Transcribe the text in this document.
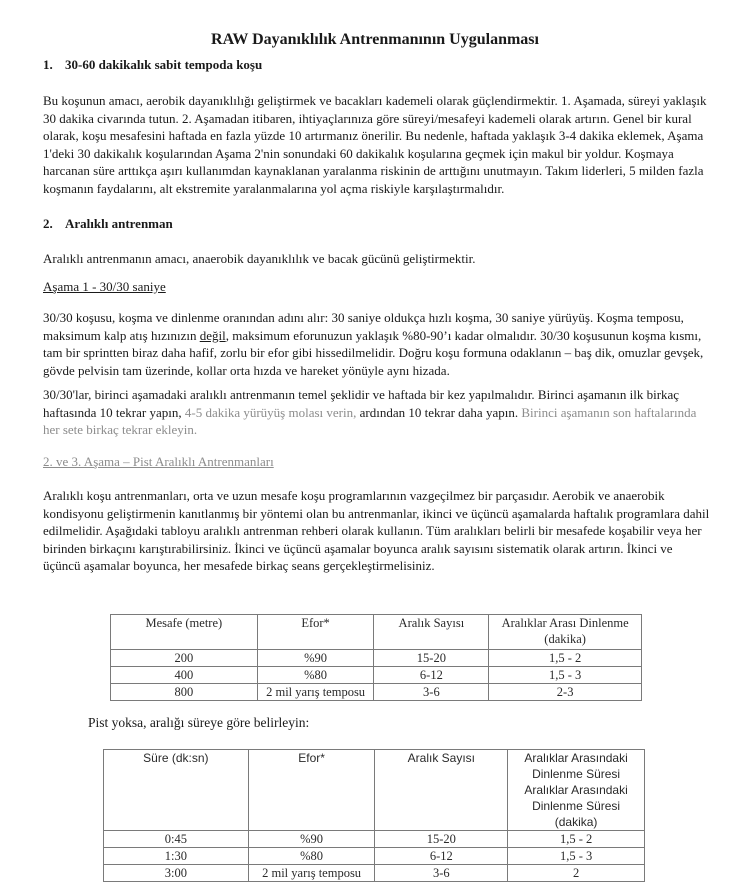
RAW Dayanıklılık Antrenmanının Uygulanması
1. 30-60 dakikalık sabit tempoda koşu

Bu koşunun amacı, aerobik dayanıklılığı geliştirmek ve bacakları kademeli olarak güçlendirmektir. 1. Aşamada, süreyi yaklaşık 30 dakika civarında tutun. 2. Aşamadan itibaren, ihtiyaçlarınıza göre süreyi/mesafeyi kademeli olarak artırın. Genel bir kural olarak, koşu mesafesini haftada en fazla yüzde 10 artırmanız önerilir. Bu nedenle, haftada yaklaşık 3-4 dakika eklemek, Aşama 1'deki 30 dakikalık koşularından Aşama 2'nin sonundaki 60 dakikalık koşularına geçmek için makul bir yoldur. Koşmaya harcanan süre arttıkça aşırı kullanımdan kaynaklanan yaralanma riskinin de arttığını unutmayın. Takım liderleri, 5 milden fazla koşmanın faydalarını, alt ekstremite yaralanmalarına yol açma riskiyle karşılaştırmalıdır.

2. Aralıklı antrenman

Aralıklı antrenmanın amacı, anaerobik dayanıklılık ve bacak gücünü geliştirmektir.

Aşama 1 - 30/30 saniye

30/30 koşusu, koşma ve dinlenme oranından adını alır: 30 saniye oldukça hızlı koşma, 30 saniye yürüyüş. Koşma temposu, maksimum kalp atış hızınızın değil, maksimum eforunuzun yaklaşık %80-90’ı kadar olmalıdır. 30/30 koşusunun koşma kısmı, tam bir sprintten biraz daha hafif, zorlu bir efor gibi hissedilmelidir. Doğru koşu formuna odaklanın – baş dik, omuzlar gevşek, gövde pelvisin tam üzerinde, kollar orta hızda ve hareket yönüyle aynı hizada.

30/30'lar, birinci aşamadaki aralıklı antrenmanın temel şeklidir ve haftada bir kez yapılmalıdır. Birinci aşamanın ilk birkaç haftasında 10 tekrar yapın, 4-5 dakika yürüyüş molası verin, ardından 10 tekrar daha yapın. Birinci aşamanın son haftalarında her sete birkaç tekrar ekleyin.

2. ve 3. Aşama – Pist Aralıklı Antrenmanları

Aralıklı koşu antrenmanları, orta ve uzun mesafe koşu programlarının vazgeçilmez bir parçasıdır. Aerobik ve anaerobik kondisyonu geliştirmenin kanıtlanmış bir yöntemi olan bu antrenmanlar, ikinci ve üçüncü aşamalarda haftalık programlara dahil edilmelidir. Aşağıdaki tabloyu aralıklı antrenman rehberi olarak kullanın. Tüm aralıkları belirli bir mesafede koşabilir veya her birinden birkaçını karıştırabilirsiniz. İkinci ve üçüncü aşamalar boyunca aralık sayısını sistematik olarak artırın. İkinci ve üçüncü aşamalar boyunca, her mesafede birkaç seans gerçekleştirmelisiniz.

Mesafe (metre)	Efor*	Aralık Sayısı	Aralıklar Arası Dinlenme (dakika)
200	%90	15-20	1,5 - 2
400	%80	6-12	1,5 - 3
800	2 mil yarış temposu	3-6	2-3
Pist yoksa, aralığı süreye göre belirleyin:
Süre (dk:sn)	Efor*	Aralık Sayısı	Aralıklar Arasındaki Dinlenme Süresi Aralıklar Arasındaki Dinlenme Süresi (dakika)
0:45	%90	15-20	1,5 - 2
1:30	%80	6-12	1,5 - 3
3:00	2 mil yarış temposu	3-6	2
